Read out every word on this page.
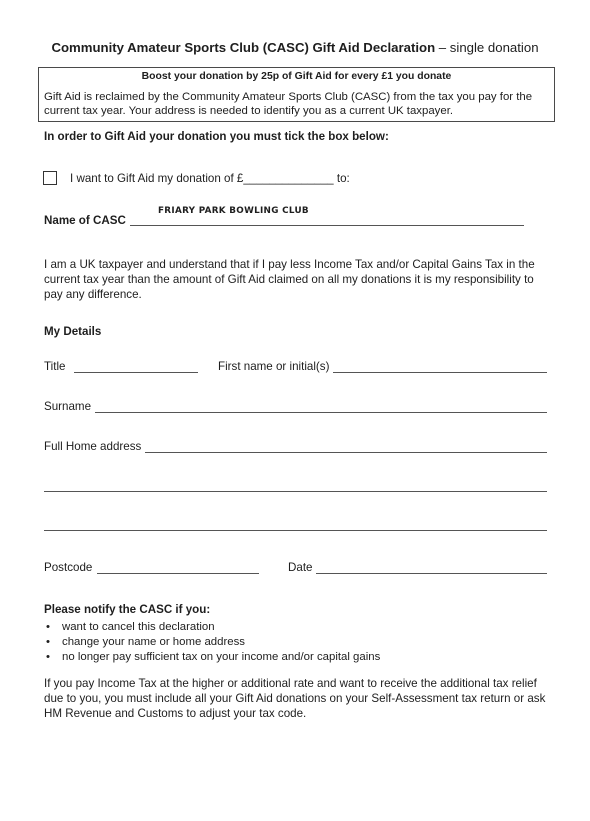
Community Amateur Sports Club (CASC) Gift Aid Declaration – single donation
Boost your donation by 25p of Gift Aid for every £1 you donate
Gift Aid is reclaimed by the Community Amateur Sports Club (CASC) from the tax you pay for the current tax year. Your address is needed to identify you as a current UK taxpayer.
In order to Gift Aid your donation you must tick the box below:
I want to Gift Aid my donation of £______________ to:
Name of CASC
FRIARY PARK BOWLING CLUB
I am a UK taxpayer and understand that if I pay less Income Tax and/or Capital Gains Tax in the current tax year than the amount of Gift Aid claimed on all my donations it is my responsibility to pay any difference.
My Details
Title	First name or initial(s)
Surname
Full Home address
Postcode	Date
Please notify the CASC if you:
• want to cancel this declaration
• change your name or home address
• no longer pay sufficient tax on your income and/or capital gains
If you pay Income Tax at the higher or additional rate and want to receive the additional tax relief due to you, you must include all your Gift Aid donations on your Self-Assessment tax return or ask HM Revenue and Customs to adjust your tax code.
